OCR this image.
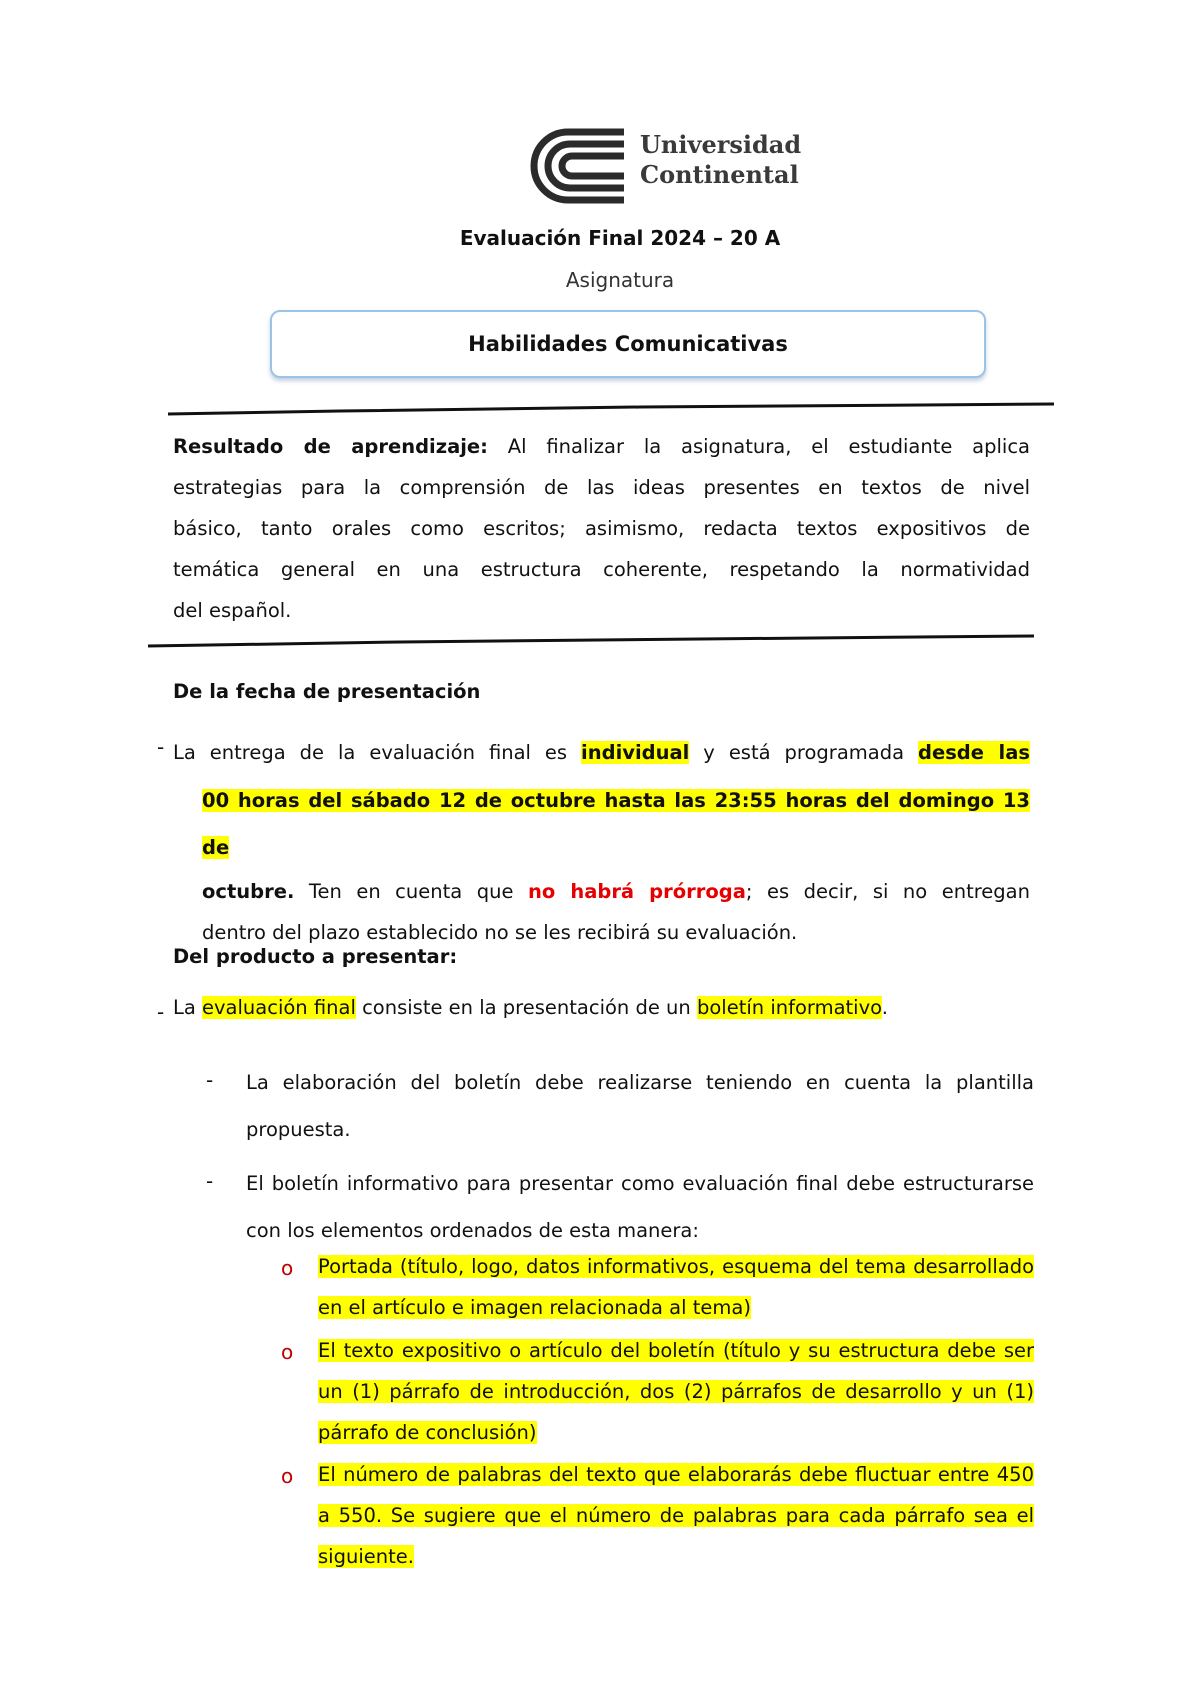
Universidad
Continental
Evaluación Final 2024 – 20 A
Asignatura
Habilidades Comunicativas
Resultado de aprendizaje: Al finalizar la asignatura, el estudiante aplica
estrategias para la comprensión de las ideas presentes en textos de nivel
básico, tanto orales como escritos; asimismo, redacta textos expositivos de
temática general en una estructura coherente, respetando la normatividad
del español.
De la fecha de presentación
- La entrega de la evaluación final es individual y está programada desde las
00 horas del sábado 12 de octubre hasta las 23:55 horas del domingo 13 de
octubre. Ten en cuenta que no habrá prórroga; es decir, si no entregan
dentro del plazo establecido no se les recibirá su evaluación.
Del producto a presentar:
- La evaluación final consiste en la presentación de un boletín informativo.
- La elaboración del boletín debe realizarse teniendo en cuenta la plantilla propuesta.
- El boletín informativo para presentar como evaluación final debe estructurarse con los elementos ordenados de esta manera:
o Portada (título, logo, datos informativos, esquema del tema desarrollado en el artículo e imagen relacionada al tema)
o El texto expositivo o artículo del boletín (título y su estructura debe ser un (1) párrafo de introducción, dos (2) párrafos de desarrollo y un (1) párrafo de conclusión)
o El número de palabras del texto que elaborarás debe fluctuar entre 450 a 550. Se sugiere que el número de palabras para cada párrafo sea el siguiente.
